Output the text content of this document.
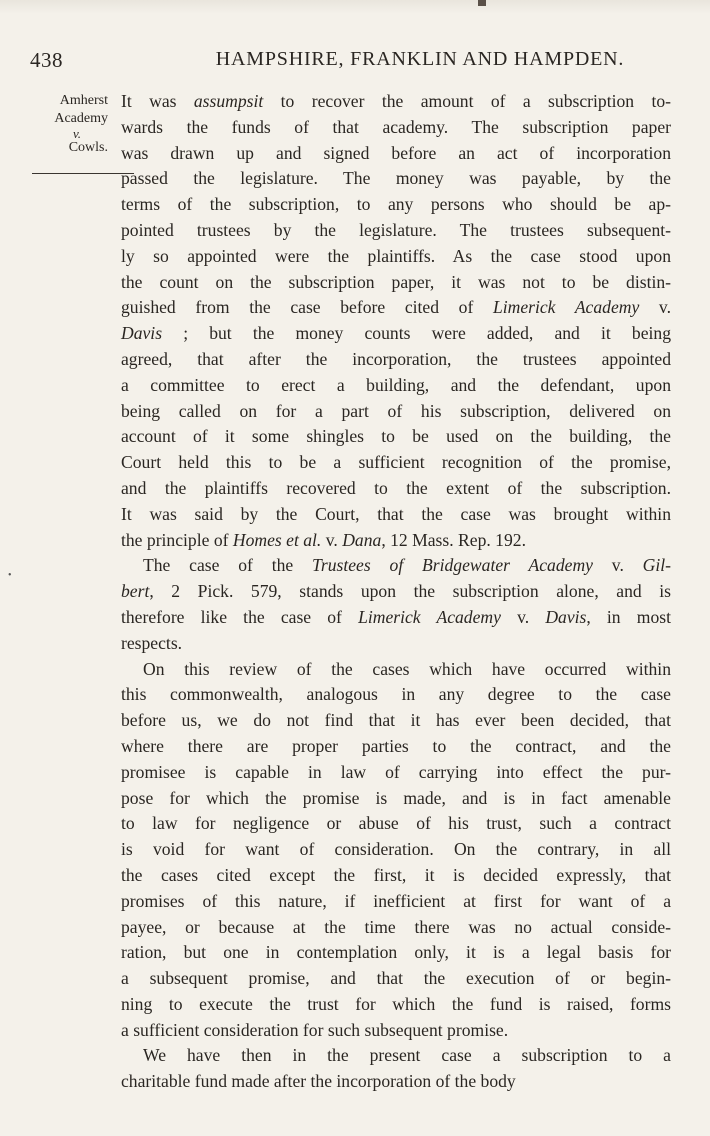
438	HAMPSHIRE, FRANKLIN AND HAMPDEN.
Amherst
Academy
v.
Cowls.
•
It was assumpsit to recover the amount of a subscription to-
wards the funds of that academy. The subscription paper
was drawn up and signed before an act of incorporation
passed the legislature. The money was payable, by the
terms of the subscription, to any persons who should be ap-
pointed trustees by the legislature. The trustees subsequent-
ly so appointed were the plaintiffs. As the case stood upon
the count on the subscription paper, it was not to be distin-
guished from the case before cited of Limerick Academy v.
Davis ; but the money counts were added, and it being
agreed, that after the incorporation, the trustees appointed
a committee to erect a building, and the defendant, upon
being called on for a part of his subscription, delivered on
account of it some shingles to be used on the building, the
Court held this to be a sufficient recognition of the promise,
and the plaintiffs recovered to the extent of the subscription.
It was said by the Court, that the case was brought within
the principle of Homes et al. v. Dana, 12 Mass. Rep. 192.
The case of the Trustees of Bridgewater Academy v. Gil-
bert, 2 Pick. 579, stands upon the subscription alone, and is
therefore like the case of Limerick Academy v. Davis, in most
respects.
On this review of the cases which have occurred within
this commonwealth, analogous in any degree to the case
before us, we do not find that it has ever been decided, that
where there are proper parties to the contract, and the
promisee is capable in law of carrying into effect the pur-
pose for which the promise is made, and is in fact amenable
to law for negligence or abuse of his trust, such a contract
is void for want of consideration. On the contrary, in all
the cases cited except the first, it is decided expressly, that
promises of this nature, if inefficient at first for want of a
payee, or because at the time there was no actual conside-
ration, but one in contemplation only, it is a legal basis for
a subsequent promise, and that the execution of or begin-
ning to execute the trust for which the fund is raised, forms
a sufficient consideration for such subsequent promise.
We have then in the present case a subscription to a
charitable fund made after the incorporation of the body
